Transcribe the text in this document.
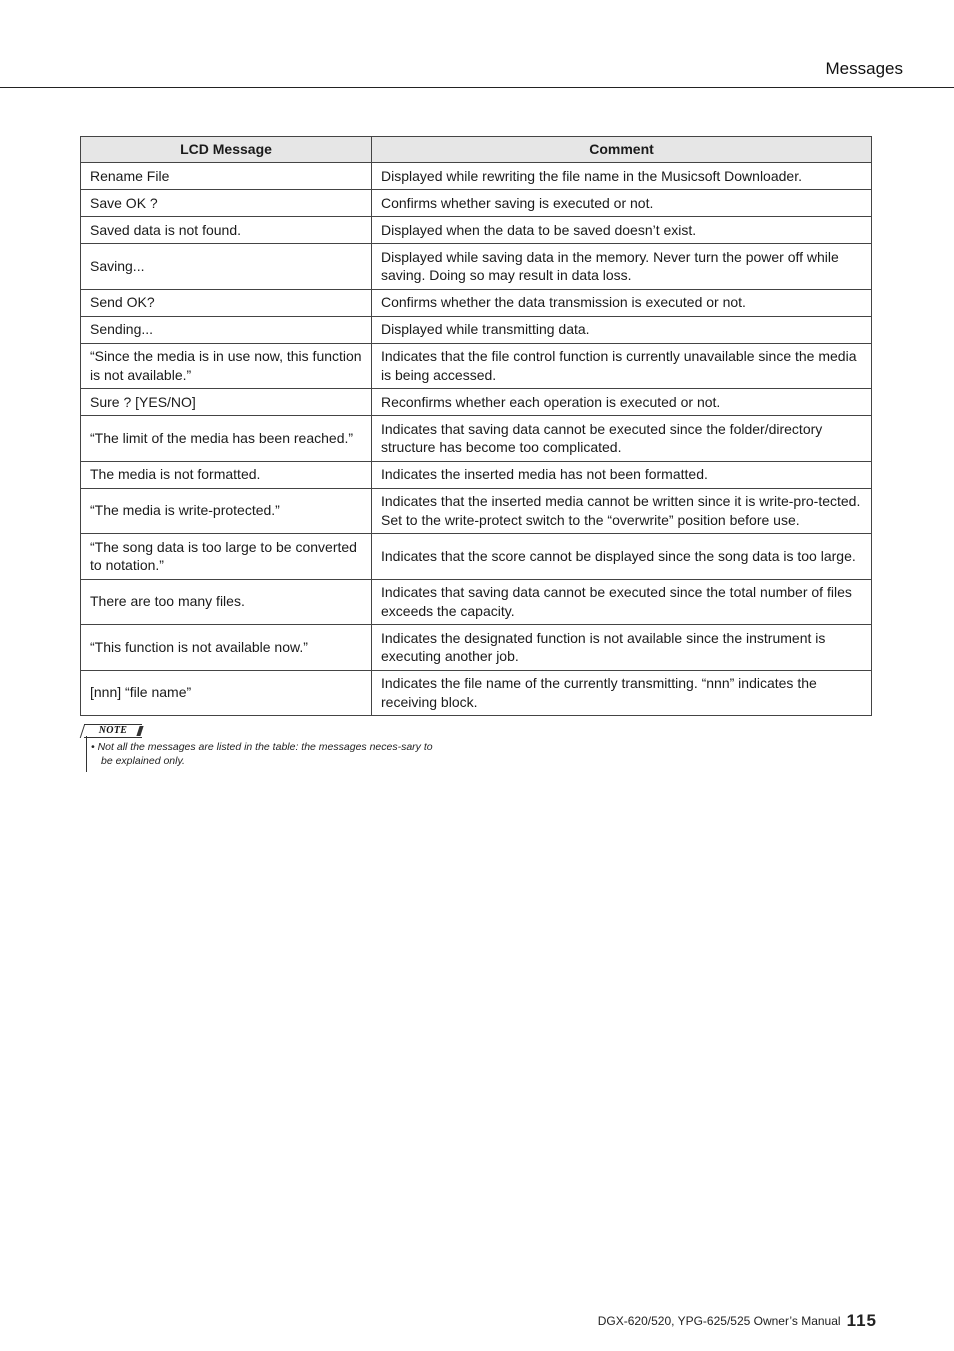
Messages
LCD Message	Comment
Rename File	Displayed while rewriting the file name in the Musicsoft Downloader.
Save OK ?	Confirms whether saving is executed or not.
Saved data is not found.	Displayed when the data to be saved doesn’t exist.
Saving...	Displayed while saving data in the memory. Never turn the power off while saving. Doing so may result in data loss.
Send OK?	Confirms whether the data transmission is executed or not.
Sending...	Displayed while transmitting data.
“Since the media is in use now, this function is not available.”	Indicates that the file control function is currently unavailable since the media is being accessed.
Sure ? [YES/NO]	Reconfirms whether each operation is executed or not.
“The limit of the media has been reached.”	Indicates that saving data cannot be executed since the folder/directory structure has become too complicated.
The media is not formatted.	Indicates the inserted media has not been formatted.
“The media is write-protected.”	Indicates that the inserted media cannot be written since it is write-pro-tected. Set to the write-protect switch to the “overwrite” position before use.
“The song data is too large to be converted to notation.”	Indicates that the score cannot be displayed since the song data is too large.
There are too many files.	Indicates that saving data cannot be executed since the total number of files exceeds the capacity.
“This function is not available now.”	Indicates the designated function is not available since the instrument is executing another job.
[nnn] “file name”	Indicates the file name of the currently transmitting. “nnn” indicates the receiving block.
NOTE
• Not all the messages are listed in the table: the messages neces-sary to be explained only.
DGX-620/520, YPG-625/525 Owner’s Manual 115
